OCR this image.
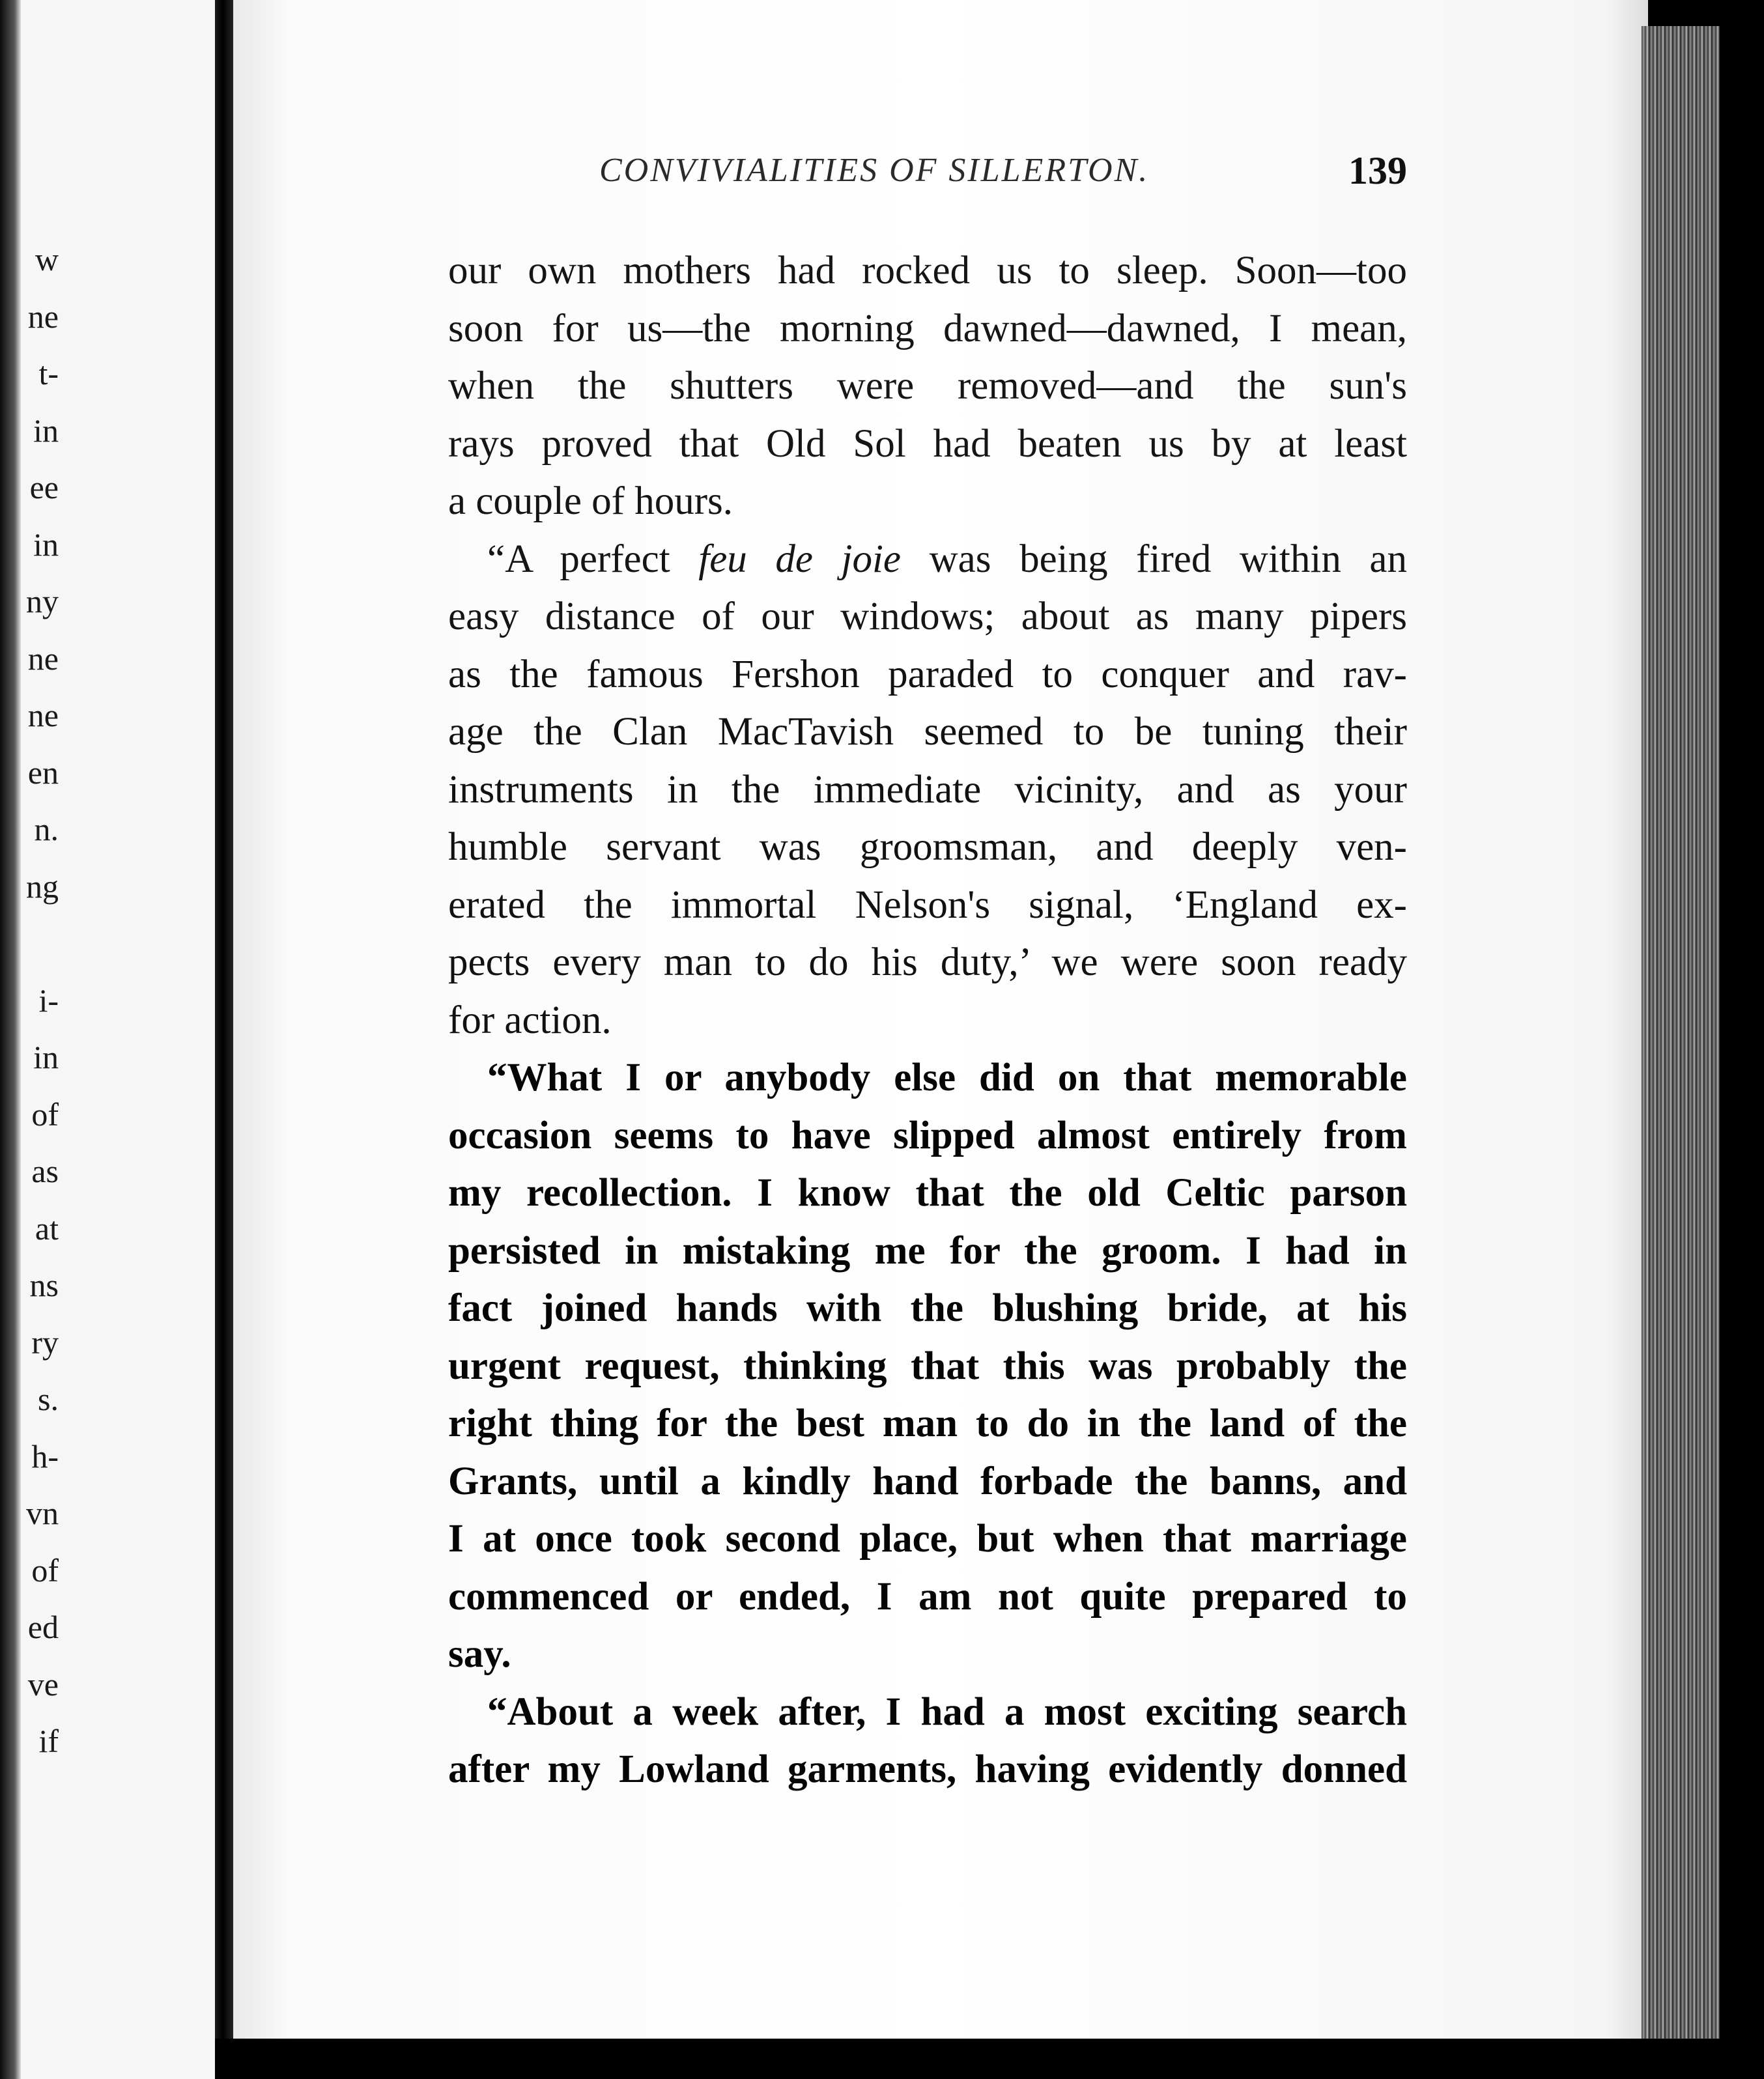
w
ne
t-
in
ee
in
ny
ne
ne
en
n.
ng
i-
in
of
as
at
ns
ry
s.
h-
vn
of
ed
ve
if
CONVIVIALITIES OF SILLERTON.	139
our own mothers had rocked us to sleep. Soon—too
soon for us—the morning dawned—dawned, I mean,
when the shutters were removed—and the sun's
rays proved that Old Sol had beaten us by at least
a couple of hours.
“A perfect feu de joie was being fired within an
easy distance of our windows; about as many pipers
as the famous Fershon paraded to conquer and rav-
age the Clan MacTavish seemed to be tuning their
instruments in the immediate vicinity, and as your
humble servant was groomsman, and deeply ven-
erated the immortal Nelson's signal, ‘England ex-
pects every man to do his duty,’ we were soon ready
for action.
“What I or anybody else did on that memorable
occasion seems to have slipped almost entirely from
my recollection. I know that the old Celtic parson
persisted in mistaking me for the groom. I had in
fact joined hands with the blushing bride, at his
urgent request, thinking that this was probably the
right thing for the best man to do in the land of the
Grants, until a kindly hand forbade the banns, and
I at once took second place, but when that marriage
commenced or ended, I am not quite prepared to
say.
“About a week after, I had a most exciting search
after my Lowland garments, having evidently donned
